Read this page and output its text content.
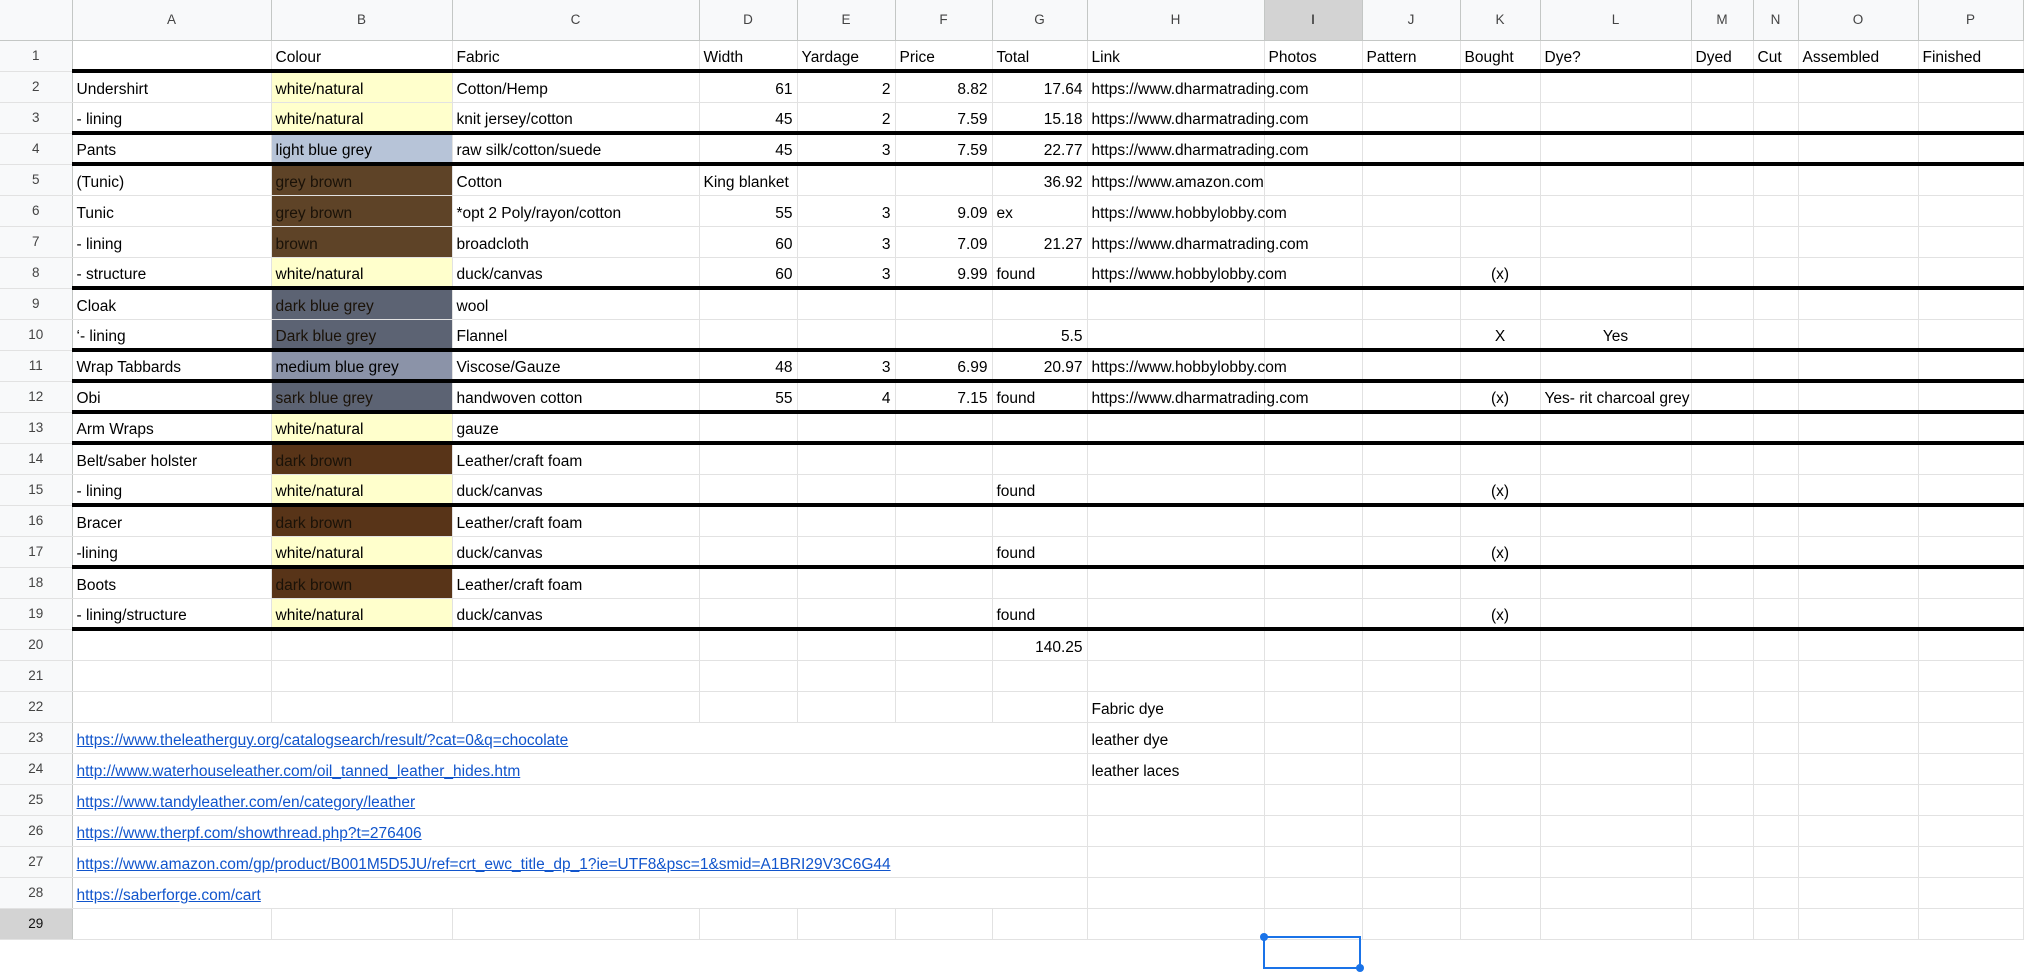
	A	B	C	D	E	F	G	H	I	J	K	L	M	N	O	P
1		Colour	Fabric	Width	Yardage	Price	Total	Link	Photos	Pattern	Bought	Dye?	Dyed	Cut	Assembled	Finished
2	Undershirt	white/natural	Cotton/Hemp	61	2	8.82	17.64	https://www.dharmatrading.com								
3	- lining	white/natural	knit jersey/cotton	45	2	7.59	15.18	https://www.dharmatrading.com								
4	Pants	light blue grey	raw silk/cotton/suede	45	3	7.59	22.77	https://www.dharmatrading.com								
5	(Tunic)	grey brown	Cotton	King blanket			36.92	https://www.amazon.com								
6	Tunic	grey brown	*opt 2 Poly/rayon/cotton	55	3	9.09	ex	https://www.hobbylobby.com								
7	- lining	brown	broadcloth	60	3	7.09	21.27	https://www.dharmatrading.com								
8	- structure	white/natural	duck/canvas	60	3	9.99	found	https://www.hobbylobby.com			(x)					
9	Cloak	dark blue grey	wool													
10	‘- lining	Dark blue grey	Flannel				5.5				X	Yes				
11	Wrap Tabbards	medium blue grey	Viscose/Gauze	48	3	6.99	20.97	https://www.hobbylobby.com								
12	Obi	sark blue grey	handwoven cotton	55	4	7.15	found	https://www.dharmatrading.com			(x)	Yes- rit charcoal grey				
13	Arm Wraps	white/natural	gauze													
14	Belt/saber holster	dark brown	Leather/craft foam													
15	- lining	white/natural	duck/canvas				found				(x)					
16	Bracer	dark brown	Leather/craft foam													
17	-lining	white/natural	duck/canvas				found				(x)					
18	Boots	dark brown	Leather/craft foam													
19	- lining/structure	white/natural	duck/canvas				found				(x)					
20							140.25									
21																
22								Fabric dye								
23	https://www.theleatherguy.org/catalogsearch/result/?cat=0&q=chocolate							leather dye								
24	http://www.waterhouseleather.com/oil_tanned_leather_hides.htm							leather laces								
25	https://www.tandyleather.com/en/category/leather															
26	https://www.therpf.com/showthread.php?t=276406															
27	https://www.amazon.com/gp/product/B001M5D5JU/ref=crt_ewc_title_dp_1?ie=UTF8&psc=1&smid=A1BRI29V3C6G44															
28	https://saberforge.com/cart															
29																
